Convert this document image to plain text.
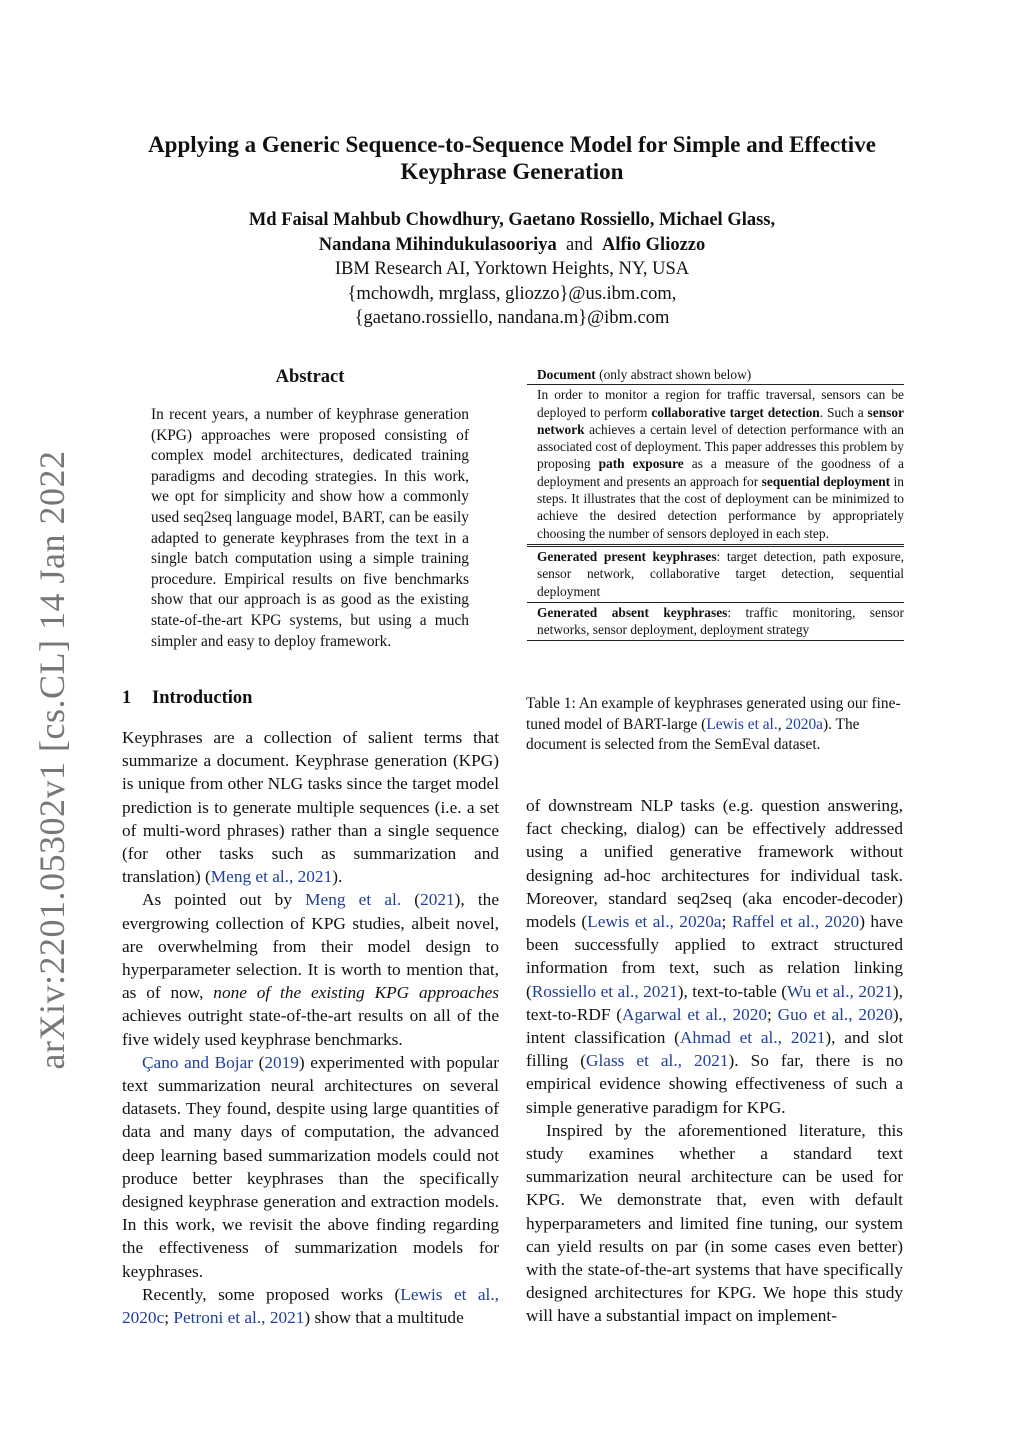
arXiv:2201.05302v1 [cs.CL] 14 Jan 2022
Applying a Generic Sequence-to-Sequence Model for Simple and Effective
Keyphrase Generation
Md Faisal Mahbub Chowdhury, Gaetano Rossiello, Michael Glass,
Nandana Mihindukulasooriya and Alfio Gliozzo
IBM Research AI, Yorktown Heights, NY, USA
{mchowdh, mrglass, gliozzo}@us.ibm.com,
{gaetano.rossiello, nandana.m}@ibm.com
Abstract
In recent years, a number of keyphrase generation (KPG) approaches were proposed consisting of complex model architectures, dedicated training paradigms and decoding strategies. In this work, we opt for simplicity and show how a commonly used seq2seq language model, BART, can be easily adapted to generate keyphrases from the text in a single batch computation using a simple training procedure. Empirical results on five benchmarks show that our approach is as good as the existing state-of-the-art KPG systems, but using a much simpler and easy to deploy framework.
1 Introduction

Keyphrases are a collection of salient terms that summarize a document. Keyphrase generation (KPG) is unique from other NLG tasks since the target model prediction is to generate multiple sequences (i.e. a set of multi-word phrases) rather than a single sequence (for other tasks such as summarization and translation) (Meng et al., 2021).

As pointed out by Meng et al. (2021), the evergrowing collection of KPG studies, albeit novel, are overwhelming from their model design to hyperparameter selection. It is worth to mention that, as of now, none of the existing KPG approaches achieves outright state-of-the-art results on all of the five widely used keyphrase benchmarks.

Çano and Bojar (2019) experimented with popular text summarization neural architectures on several datasets. They found, despite using large quantities of data and many days of computation, the advanced deep learning based summarization models could not produce better keyphrases than the specifically designed keyphrase generation and extraction models. In this work, we revisit the above finding regarding the effectiveness of summarization models for keyphrases.

Recently, some proposed works (Lewis et al., 2020c; Petroni et al., 2021) show that a multitude

Document (only abstract shown below)
In order to monitor a region for traffic traversal, sensors can be deployed to perform collaborative target detection. Such a sensor network achieves a certain level of detection performance with an associated cost of deployment. This paper addresses this problem by proposing path exposure as a measure of the goodness of a deployment and presents an approach for sequential deployment in steps. It illustrates that the cost of deployment can be minimized to achieve the desired detection performance by appropriately choosing the number of sensors deployed in each step.
Generated present keyphrases: target detection, path exposure, sensor network, collaborative target detection, sequential deployment
Generated absent keyphrases: traffic monitoring, sensor networks, sensor deployment, deployment strategy
Table 1: An example of keyphrases generated using our fine-tuned model of BART-large (Lewis et al., 2020a). The document is selected from the SemEval dataset.

of downstream NLP tasks (e.g. question answering, fact checking, dialog) can be effectively addressed using a unified generative framework without designing ad-hoc architectures for individual task. Moreover, standard seq2seq (aka encoder-decoder) models (Lewis et al., 2020a; Raffel et al., 2020) have been successfully applied to extract structured information from text, such as relation linking (Rossiello et al., 2021), text-to-table (Wu et al., 2021), text-to-RDF (Agarwal et al., 2020; Guo et al., 2020), intent classification (Ahmad et al., 2021), and slot filling (Glass et al., 2021). So far, there is no empirical evidence showing effectiveness of such a simple generative paradigm for KPG.

Inspired by the aforementioned literature, this study examines whether a standard text summarization neural architecture can be used for KPG. We demonstrate that, even with default hyperparameters and limited fine tuning, our system can yield results on par (in some cases even better) with the state-of-the-art systems that have specifically designed architectures for KPG. We hope this study will have a substantial impact on implement-
